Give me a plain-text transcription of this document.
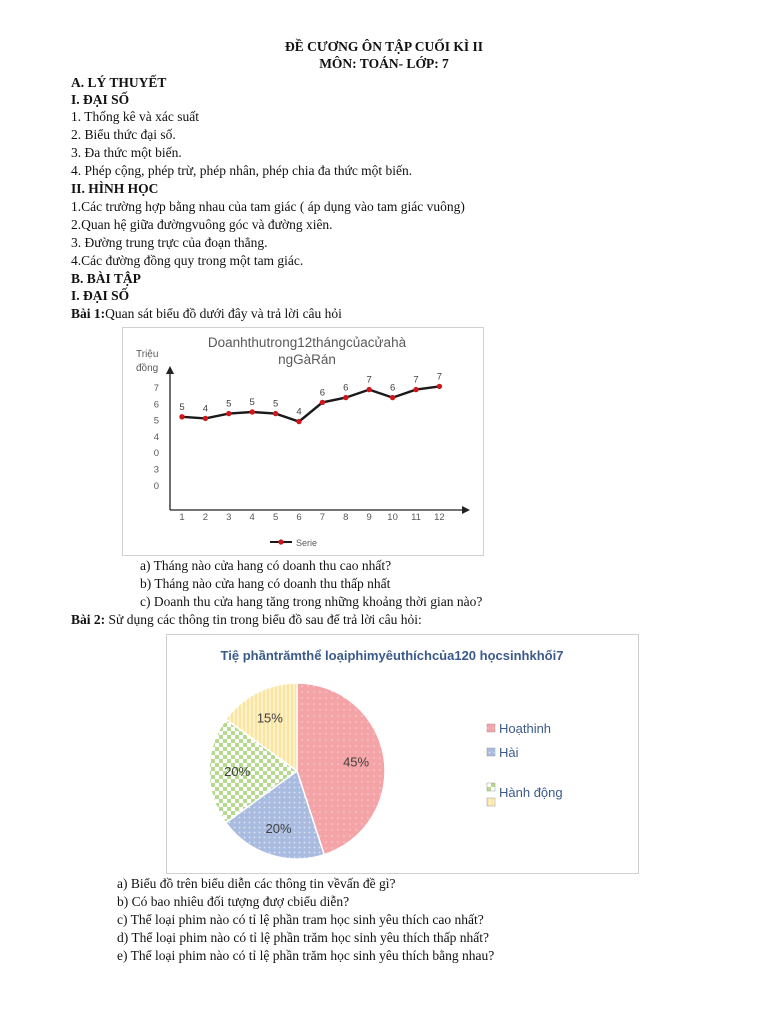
ĐỀ CƯƠNG ÔN TẬP CUỐI KÌ II
MÔN: TOÁN- LỚP: 7
A. LÝ THUYẾT
I. ĐẠI SỐ
1. Thống kê và xác suất
2. Biểu thức đại số.
3. Đa thức một biến.
4. Phép cộng, phép trừ, phép nhân, phép chia đa thức một biến.
II. HÌNH HỌC
1.Các trường hợp bằng nhau của tam giác ( áp dụng vào tam giác vuông)
2.Quan hệ giữa đườngvuông góc và đường xiên.
3. Đường trung trực của đoạn thẳng.
4.Các đường đồng quy trong một tam giác.
B. BÀI TẬP
I. ĐẠI SỐ
Bài 1:Quan sát biểu đồ dưới đây và trả lời câu hỏi
Doanhthutrong12thángcủacửahà
ngGàRán
Triệu
đồng
7
6
5
4
0
3
0
1 2 3 4 5 6 7 8 9 10 11 12
5 4 5 5 5
4
6 6
7
6
7 7
Serie
a) Tháng nào cửa hang có doanh thu cao nhất?
b) Tháng nào cửa hang có doanh thu thấp nhất
c) Doanh thu cửa hang tăng trong những khoảng thời gian nào?
Bài 2: Sử dụng các thông tin trong biểu đồ sau để trả lời câu hỏi:
Tiệ phầntrămthể loạiphimyêuthíchcủa120 họcsinhkhối7
45%
20%
20%
15%
Hoạthinh
Hài
Hành động
a) Biểu đồ trên biểu diễn các thông tin vềvấn đề gì?
b) Có bao nhiêu đối tượng đượ cbiểu diễn?
c) Thể loại phim nào có tỉ lệ phần tram học sinh yêu thích cao nhất?
d) Thể loại phim nào có tỉ lệ phần trăm học sinh yêu thích thấp nhất?
e) Thể loại phim nào có tỉ lệ phần trăm học sinh yêu thích bằng nhau?
